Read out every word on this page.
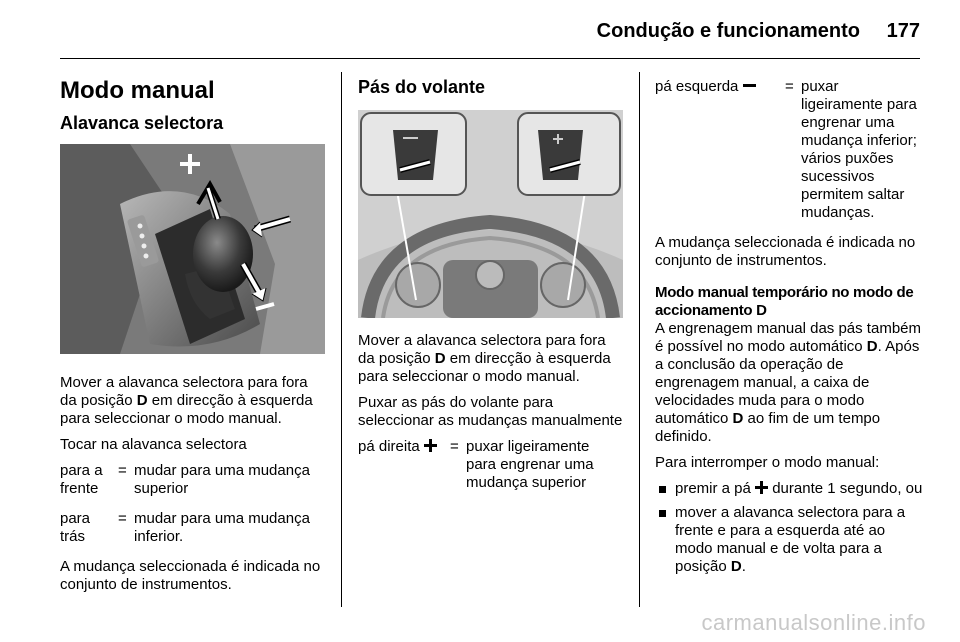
Condução e funcionamento	177
Modo manual
Alavanca selectora

Mover a alavanca selectora para fora da posição D em direcção à esquerda para seleccionar o modo manual.

Tocar na alavanca selectora

para a frente
= mudar para uma mudança superior
para trás
= mudar para uma mudança inferior.

A mudança seleccionada é indicada no conjunto de instrumentos.

Pás do volante

Mover a alavanca selectora para fora da posição D em direcção à esquerda para seleccionar o modo manual.

Puxar as pás do volante para seleccionar as mudanças manualmente

pá direita	= puxar ligeiramente para engrenar uma mudança superior
pá esquerda	= puxar ligeiramente para engrenar uma mudança inferior; vários puxões sucessivos permitem saltar mudanças.

A mudança seleccionada é indicada no conjunto de instrumentos.

Modo manual temporário no modo de accionamento D

A engrenagem manual das pás também é possível no modo automático D. Após a conclusão da operação de engrenagem manual, a caixa de velocidades muda para o modo automático D ao fim de um tempo definido.

Para interromper o modo manual:

premir a pá  durante 1 segundo, ou
mover a alavanca selectora para a frente e para a esquerda até ao modo manual e de volta para a posição D.
carmanualsonline.info
